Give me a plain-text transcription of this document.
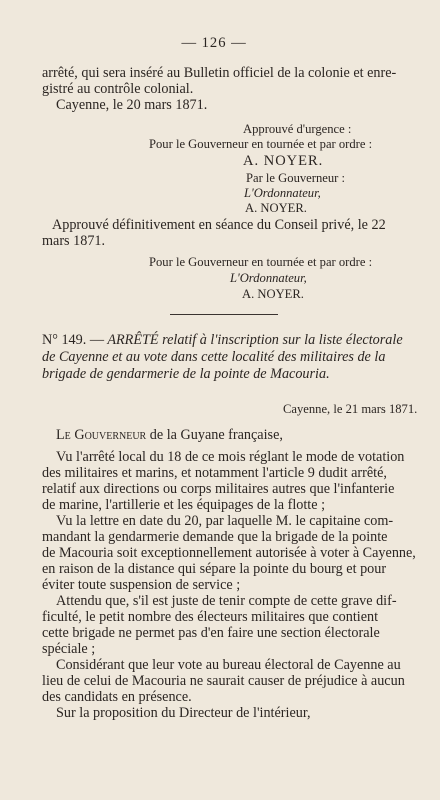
— 126 —
arrêté, qui sera inséré au Bulletin officiel de la colonie et enre-
gistré au contrôle colonial.
Cayenne, le 20 mars 1871.
Approuvé d'urgence :
Pour le Gouverneur en tournée et par ordre :
A. NOYER.
Par le Gouverneur :
L'Ordonnateur,
A. NOYER.
Approuvé définitivement en séance du Conseil privé, le 22
mars 1871.
Pour le Gouverneur en tournée et par ordre :
L'Ordonnateur,
A. NOYER.
N° 149. — ARRÊTÉ relatif à l'inscription sur la liste électorale
de Cayenne et au vote dans cette localité des militaires de la
brigade de gendarmerie de la pointe de Macouria.
Cayenne, le 21 mars 1871.
Le Gouverneur de la Guyane française,
Vu l'arrêté local du 18 de ce mois réglant le mode de votation
des militaires et marins, et notamment l'article 9 dudit arrêté,
relatif aux directions ou corps militaires autres que l'infanterie
de marine, l'artillerie et les équipages de la flotte ;
Vu la lettre en date du 20, par laquelle M. le capitaine com-
mandant la gendarmerie demande que la brigade de la pointe
de Macouria soit exceptionnellement autorisée à voter à Cayenne,
en raison de la distance qui sépare la pointe du bourg et pour
éviter toute suspension de service ;
Attendu que, s'il est juste de tenir compte de cette grave dif-
ficulté, le petit nombre des électeurs militaires que contient
cette brigade ne permet pas d'en faire une section électorale
spéciale ;
Considérant que leur vote au bureau électoral de Cayenne au
lieu de celui de Macouria ne saurait causer de préjudice à aucun
des candidats en présence.
Sur la proposition du Directeur de l'intérieur,
